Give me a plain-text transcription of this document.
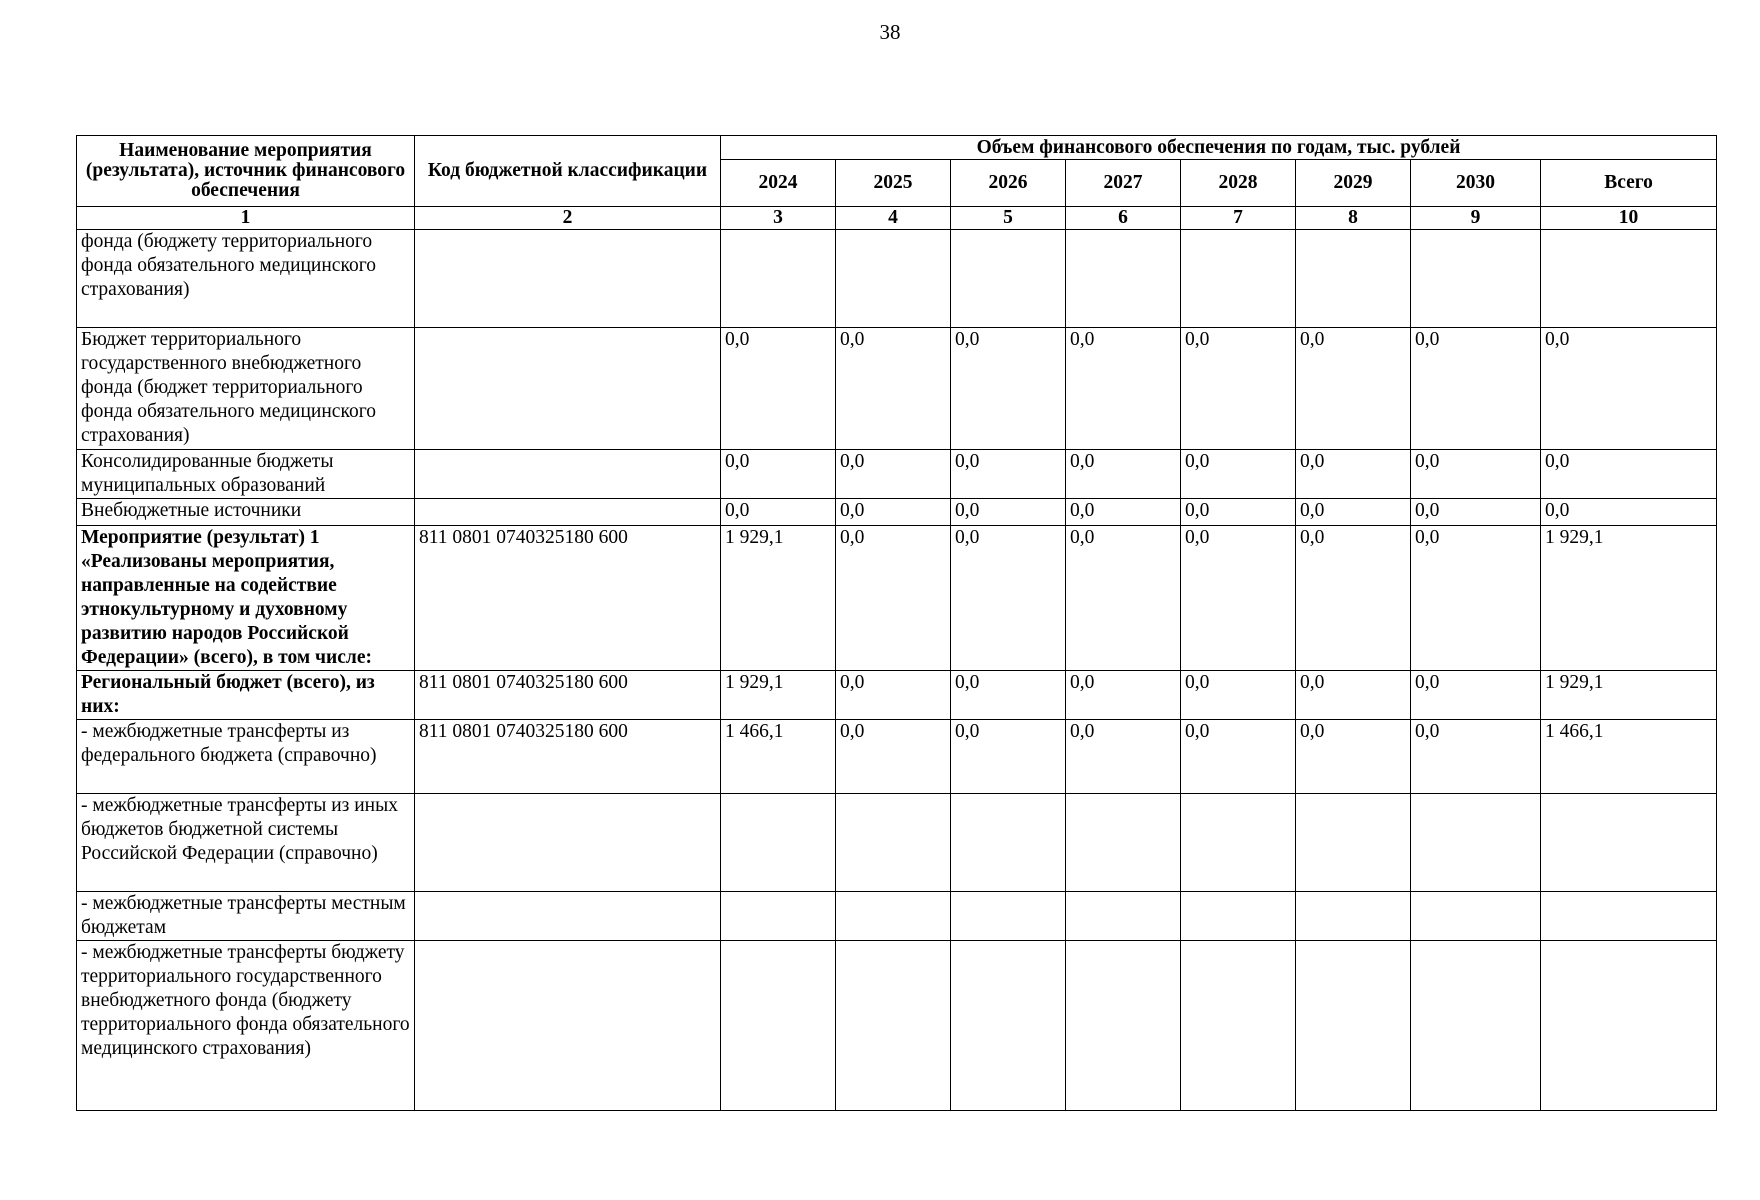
38
Наименование мероприятия (результата), источник финансового обеспечения	Код бюджетной классификации	Объем финансового обеспечения по годам, тыс. рублей							
		2024	2025	2026	2027	2028	2029	2030	Всего
1	2	3	4	5	6	7	8	9	10
фонда (бюджету территориального фонда обязательного медицинского страхования)									
Бюджет территориального государственного внебюджетного фонда (бюджет территориального фонда обязательного медицинского страхования)		0,0	0,0	0,0	0,0	0,0	0,0	0,0	0,0
Консолидированные бюджеты муниципальных образований		0,0	0,0	0,0	0,0	0,0	0,0	0,0	0,0
Внебюджетные источники		0,0	0,0	0,0	0,0	0,0	0,0	0,0	0,0
Мероприятие (результат) 1 «Реализованы мероприятия, направленные на содействие этнокультурному и духовному развитию народов Российской Федерации» (всего), в том числе:	811 0801 0740325180 600	1 929,1	0,0	0,0	0,0	0,0	0,0	0,0	1 929,1
Региональный бюджет (всего), из них:	811 0801 0740325180 600	1 929,1	0,0	0,0	0,0	0,0	0,0	0,0	1 929,1
- межбюджетные трансферты из федерального бюджета (справочно)	811 0801 0740325180 600	1 466,1	0,0	0,0	0,0	0,0	0,0	0,0	1 466,1
- межбюджетные трансферты из иных бюджетов бюджетной системы Российской Федерации (справочно)									
- межбюджетные трансферты местным бюджетам									
- межбюджетные трансферты бюджету территориального государственного внебюджетного фонда (бюджету территориального фонда обязательного медицинского страхования)									
